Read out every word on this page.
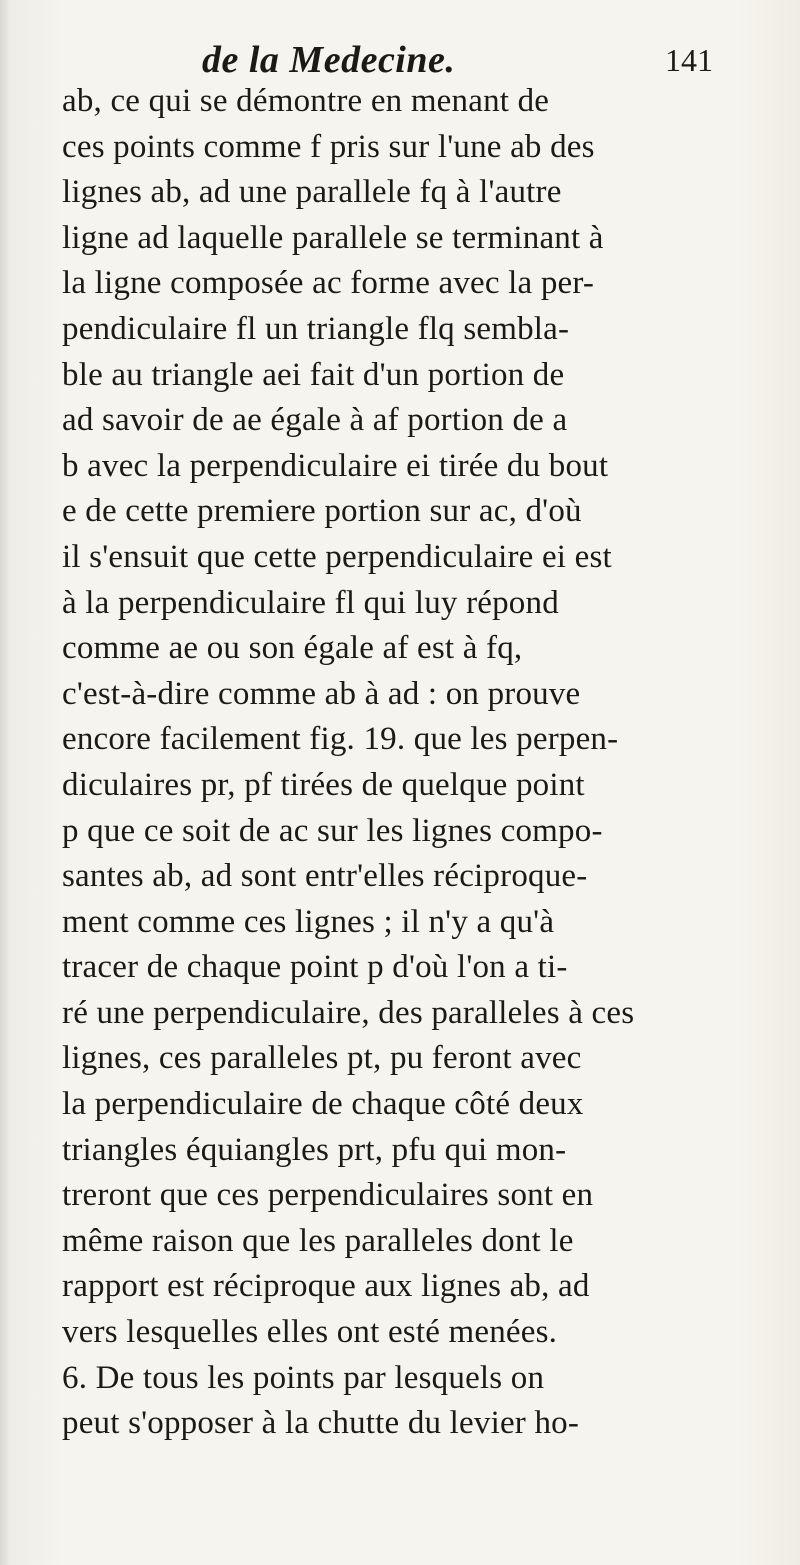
de la Medecine.	141
ab, ce qui se démontre en menant de
ces points comme f pris sur l'une ab des
lignes ab, ad une parallele fq à l'autre
ligne ad laquelle parallele se terminant à
la ligne composée ac forme avec la per-
pendiculaire fl un triangle flq sembla-
ble au triangle aei fait d'un portion de
ad savoir de ae égale à af portion de a
b avec la perpendiculaire ei tirée du bout
e de cette premiere portion sur ac, d'où
il s'ensuit que cette perpendiculaire ei est
à la perpendiculaire fl qui luy répond
comme ae ou son égale af est à fq,
c'est-à-dire comme ab à ad : on prouve
encore facilement fig. 19. que les perpen-
diculaires pr, pf tirées de quelque point
p que ce soit de ac sur les lignes compo-
santes ab, ad sont entr'elles réciproque-
ment comme ces lignes ; il n'y a qu'à
tracer de chaque point p d'où l'on a ti-
ré une perpendiculaire, des paralleles à ces
lignes, ces paralleles pt, pu feront avec
la perpendiculaire de chaque côté deux
triangles équiangles prt, pfu qui mon-
treront que ces perpendiculaires sont en
même raison que les paralleles dont le
rapport est réciproque aux lignes ab, ad
vers lesquelles elles ont esté menées.
6. De tous les points par lesquels on
peut s'opposer à la chutte du levier ho-
